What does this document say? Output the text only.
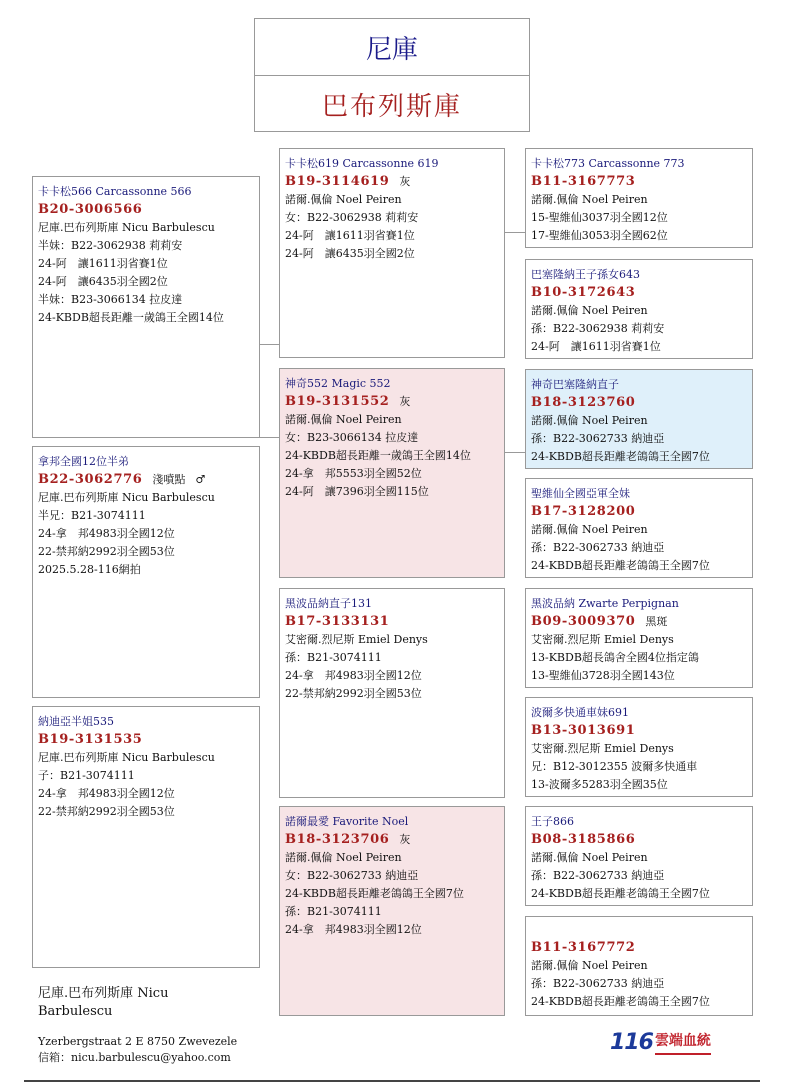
尼庫
巴布列斯庫
卡卡松566 Carcassonne 566
B20-3006566
尼庫.巴布列斯庫 Nicu Barbulescu
半妹：B22-3062938 莉莉安
24-阿　讓1611羽省賽1位
24-阿　讓6435羽全國2位
半妹：B23-3066134 拉皮達
24-KBDB超長距離一歲鴿王全國14位
拿邦全國12位半弟
B22-3062776 淺噴點 ♂
尼庫.巴布列斯庫 Nicu Barbulescu
半兄：B21-3074111
24-拿　邦4983羽全國12位
22-禁邦納2992羽全國53位
2025.5.28-116網拍
納迪亞半姐535
B19-3131535
尼庫.巴布列斯庫 Nicu Barbulescu
子：B21-3074111
24-拿　邦4983羽全國12位
22-禁邦納2992羽全國53位
卡卡松619 Carcassonne 619
B19-3114619 灰
諾爾.佩倫 Noel Peiren
女：B22-3062938 莉莉安
24-阿　讓1611羽省賽1位
24-阿　讓6435羽全國2位
神奇552 Magic 552
B19-3131552 灰
諾爾.佩倫 Noel Peiren
女：B23-3066134 拉皮達
24-KBDB超長距離一歲鴿王全國14位
24-拿　邦5553羽全國52位
24-阿　讓7396羽全國115位
黑波品納直子131
B17-3133131
艾密爾.烈尼斯 Emiel Denys
孫：B21-3074111
24-拿　邦4983羽全國12位
22-禁邦納2992羽全國53位
諾爾最愛 Favorite Noel
B18-3123706 灰
諾爾.佩倫 Noel Peiren
女：B22-3062733 納迪亞
24-KBDB超長距離老鴿鴿王全國7位
孫：B21-3074111
24-拿　邦4983羽全國12位
卡卡松773 Carcassonne 773
B11-3167773
諾爾.佩倫 Noel Peiren
15-聖維仙3037羽全國12位
17-聖維仙3053羽全國62位
巴塞隆納王子孫女643
B10-3172643
諾爾.佩倫 Noel Peiren
孫：B22-3062938 莉莉安
24-阿　讓1611羽省賽1位
神奇巴塞隆納直子
B18-3123760
諾爾.佩倫 Noel Peiren
孫：B22-3062733 納迪亞
24-KBDB超長距離老鴿鴿王全國7位
聖維仙全國亞軍全妹
B17-3128200
諾爾.佩倫 Noel Peiren
孫：B22-3062733 納迪亞
24-KBDB超長距離老鴿鴿王全國7位
黑波品納 Zwarte Perpignan
B09-3009370 黑斑
艾密爾.烈尼斯 Emiel Denys
13-KBDB超長鴿舍全國4位指定鴿
13-聖維仙3728羽全國143位
波爾多快通車妹691
B13-3013691
艾密爾.烈尼斯 Emiel Denys
兄：B12-3012355 波爾多快通車
13-波爾多5283羽全國35位
王子866
B08-3185866
諾爾.佩倫 Noel Peiren
孫：B22-3062733 納迪亞
24-KBDB超長距離老鴿鴿王全國7位
B11-3167772
諾爾.佩倫 Noel Peiren
孫：B22-3062733 納迪亞
24-KBDB超長距離老鴿鴿王全國7位
尼庫.巴布列斯庫 Nicu Barbulescu
Yzerbergstraat 2 E 8750 Zwevezele
信箱：nicu.barbulescu@yahoo.com
116 雲端血統
